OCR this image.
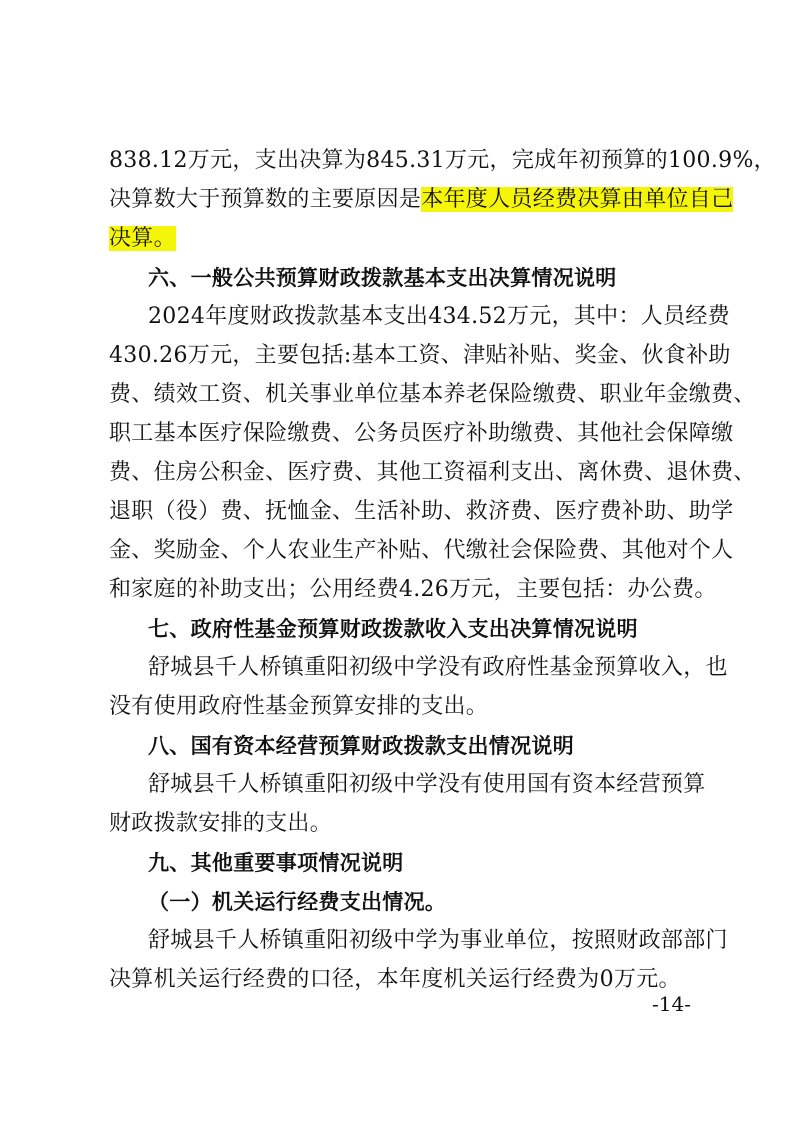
838.12万元，支出决算为845.31万元，完成年初预算的100.9%，
决算数大于预算数的主要原因是本年度人员经费决算由单位自己
决算。
六、一般公共预算财政拨款基本支出决算情况说明
2024年度财政拨款基本支出434.52万元，其中：人员经费
430.26万元，主要包括:基本工资、津贴补贴、奖金、伙食补助
费、绩效工资、机关事业单位基本养老保险缴费、职业年金缴费、
职工基本医疗保险缴费、公务员医疗补助缴费、其他社会保障缴
费、住房公积金、医疗费、其他工资福利支出、离休费、退休费、
退职（役）费、抚恤金、生活补助、救济费、医疗费补助、助学
金、奖励金、个人农业生产补贴、代缴社会保险费、其他对个人
和家庭的补助支出；公用经费4.26万元，主要包括：办公费。
七、政府性基金预算财政拨款收入支出决算情况说明
舒城县千人桥镇重阳初级中学没有政府性基金预算收入，也
没有使用政府性基金预算安排的支出。
八、国有资本经营预算财政拨款支出情况说明
舒城县千人桥镇重阳初级中学没有使用国有资本经营预算
财政拨款安排的支出。
九、其他重要事项情况说明
（一）机关运行经费支出情况。
舒城县千人桥镇重阳初级中学为事业单位，按照财政部部门
决算机关运行经费的口径，本年度机关运行经费为0万元。
-14-
